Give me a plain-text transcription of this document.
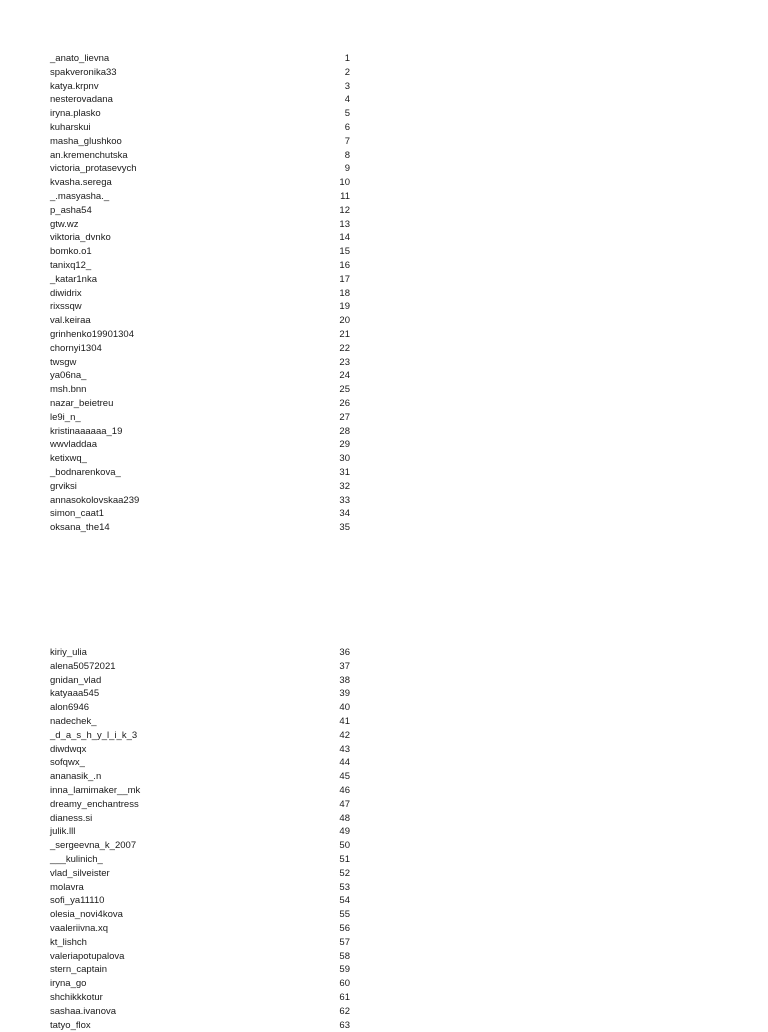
_anato_lievna	1
spakveronika33	2
katya.krpnv	3
nesterovadana	4
iryna.plasko	5
kuharskui	6
masha_glushkoo	7
an.kremenchutska	8
victoria_protasevych	9
kvasha.serega	10
_.masyasha._	11
p_asha54	12
gtw.wz	13
viktoria_dvnko	14
bomko.o1	15
tanixq12_	16
_katar1nka	17
diwidrix	18
rixssqw	19
val.keiraa	20
grinhenko19901304	21
chornyi1304	22
twsgw	23
ya06na_	24
msh.bnn	25
nazar_beietreu	26
le9i_n_	27
kristinaaaaaa_19	28
wwvladdaa	29
ketixwq_	30
_bodnarenkova_	31
grviksi	32
annasokolovskaa239	33
simon_caat1	34
oksana_the14	35
kiriy_ulia	36
alena50572021	37
gnidan_vlad	38
katyaaa545	39
alon6946	40
nadechek_	41
_d_a_s_h_y_l_i_k_3	42
diwdwqx	43
sofqwx_	44
ananasik_.n	45
inna_lamimaker__mk	46
dreamy_enchantress	47
dianess.si	48
julik.lll	49
_sergeevna_k_2007	50
___kulinich_	51
vlad_silveister	52
molavra	53
sofi_ya11110	54
olesia_novi4kova	55
vaaleriivna.xq	56
kt_lishch	57
valeriapotupalova	58
stern_captain	59
iryna_go	60
shchikkkotur	61
sashaa.ivanova	62
tatyo_flox	63
